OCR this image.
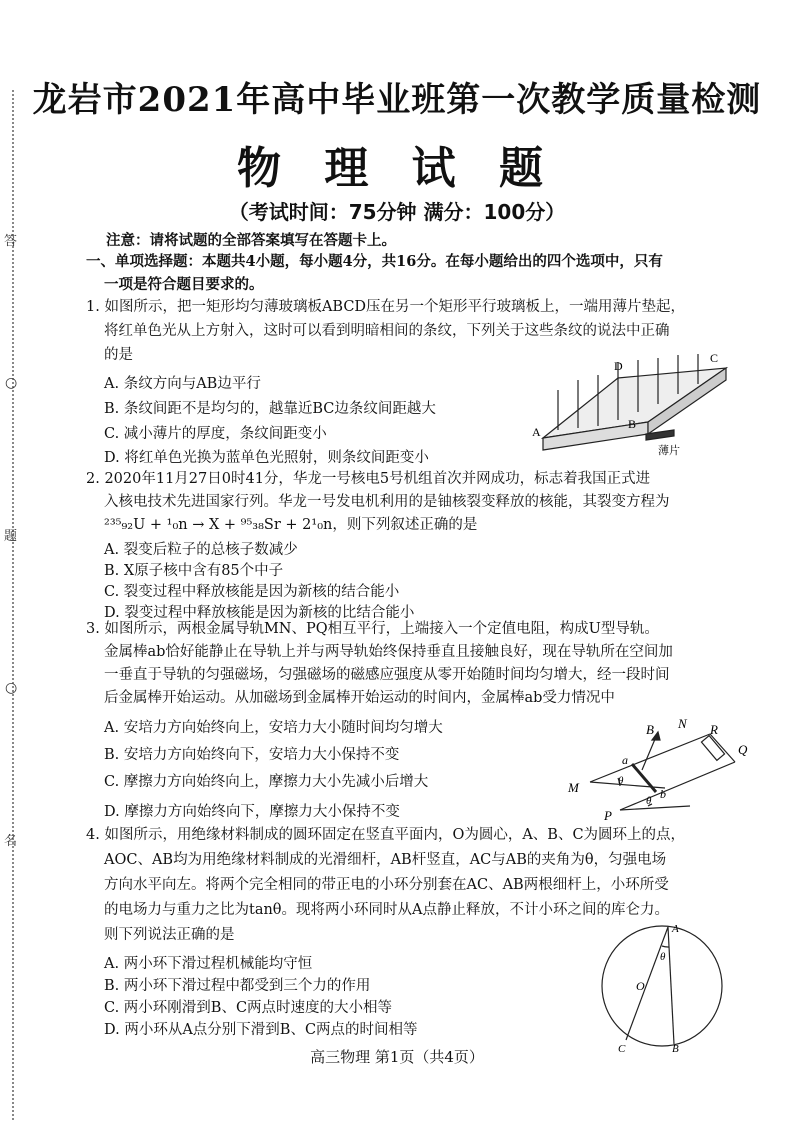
○
○
名
题
答
龙岩市2021年高中毕业班第一次教学质量检测
物 理 试 题
（考试时间：75分钟 满分：100分）
注意：请将试题的全部答案填写在答题卡上。
一、单项选择题：本题共4小题，每小题4分，共16分。在每小题给出的四个选项中，只有
一项是符合题目要求的。
1. 如图所示，把一矩形均匀薄玻璃板ABCD压在另一个矩形平行玻璃板上，一端用薄片垫起，
将红单色光从上方射入，这时可以看到明暗相间的条纹，下列关于这些条纹的说法中正确
的是
A. 条纹方向与AB边平行
B. 条纹间距不是均匀的，越靠近BC边条纹间距越大
C. 减小薄片的厚度，条纹间距变小
D. 将红单色光换为蓝单色光照射，则条纹间距变小
D
C
A
B
薄片
2. 2020年11月27日0时41分，华龙一号核电5号机组首次并网成功，标志着我国正式进
入核电技术先进国家行列。华龙一号发电机利用的是铀核裂变释放的核能，其裂变方程为
²³⁵₉₂U + ¹₀n → X + ⁹⁵₃₈Sr + 2¹₀n，则下列叙述正确的是
A. 裂变后粒子的总核子数减少
B. X原子核中含有85个中子
C. 裂变过程中释放核能是因为新核的结合能小
D. 裂变过程中释放核能是因为新核的比结合能小
3. 如图所示，两根金属导轨MN、PQ相互平行，上端接入一个定值电阻，构成U型导轨。
金属棒ab恰好能静止在导轨上并与两导轨始终保持垂直且接触良好，现在导轨所在空间加
一垂直于导轨的匀强磁场，匀强磁场的磁感应强度从零开始随时间均匀增大，经一段时间
后金属棒开始运动。从加磁场到金属棒开始运动的时间内，金属棒ab受力情况中
A. 安培力方向始终向上，安培力大小随时间均匀增大
B. 安培力方向始终向下，安培力大小保持不变
C. 摩擦力方向始终向上，摩擦力大小先减小后增大
D. 摩擦力方向始终向下，摩擦力大小保持不变
B N R
Q
a
b
M
P
θ
θ
4. 如图所示，用绝缘材料制成的圆环固定在竖直平面内，O为圆心，A、B、C为圆环上的点，
AOC、AB均为用绝缘材料制成的光滑细杆，AB杆竖直，AC与AB的夹角为θ，匀强电场
方向水平向左。将两个完全相同的带正电的小环分别套在AC、AB两根细杆上，小环所受
的电场力与重力之比为tanθ。现将两小环同时从A点静止释放，不计小环之间的库仑力。
则下列说法正确的是
A. 两小环下滑过程机械能均守恒
B. 两小环下滑过程中都受到三个力的作用
C. 两小环刚滑到B、C两点时速度的大小相等
D. 两小环从A点分别下滑到B、C两点的时间相等
A
θ
O
C	B
高三物理 第1页（共4页）
